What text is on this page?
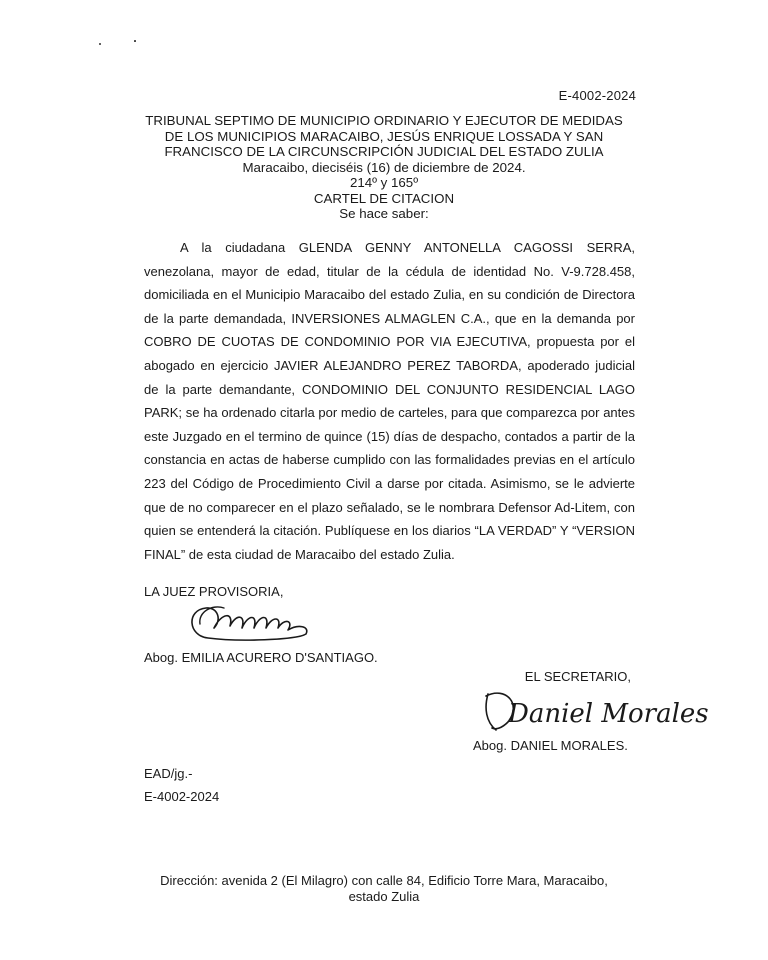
E-4002-2024
TRIBUNAL SEPTIMO DE MUNICIPIO ORDINARIO Y EJECUTOR DE MEDIDAS
DE LOS MUNICIPIOS MARACAIBO, JESÚS ENRIQUE LOSSADA Y SAN
FRANCISCO DE LA CIRCUNSCRIPCIÓN JUDICIAL DEL ESTADO ZULIA
Maracaibo, dieciséis (16) de diciembre de 2024.
214º y 165º
CARTEL DE CITACION
Se hace saber:

A la ciudadana GLENDA GENNY ANTONELLA CAGOSSI SERRA, venezolana, mayor de edad, titular de la cédula de identidad No. V-9.728.458, domiciliada en el Municipio Maracaibo del estado Zulia, en su condición de Directora de la parte demandada, INVERSIONES ALMAGLEN C.A., que en la demanda por COBRO DE CUOTAS DE CONDOMINIO POR VIA EJECUTIVA, propuesta por el abogado en ejercicio JAVIER ALEJANDRO PEREZ TABORDA, apoderado judicial de la parte demandante, CONDOMINIO DEL CONJUNTO RESIDENCIAL LAGO PARK; se ha ordenado citarla por medio de carteles, para que comparezca por antes este Juzgado en el termino de quince (15) días de despacho, contados a partir de la constancia en actas de haberse cumplido con las formalidades previas en el artículo 223 del Código de Procedimiento Civil a darse por citada. Asimismo, se le advierte que de no comparecer en el plazo señalado, se le nombrara Defensor Ad-Litem, con quien se entenderá la citación. Publíquese en los diarios “LA VERDAD” Y “VERSION FINAL” de esta ciudad de Maracaibo del estado Zulia.

LA JUEZ PROVISORIA,
Abog. EMILIA ACURERO D'SANTIAGO.
EL SECRETARIO,
Daniel Morales
Abog. DANIEL MORALES.
EAD/jg.-
E-4002-2024
Dirección: avenida 2 (El Milagro) con calle 84, Edificio Torre Mara, Maracaibo,
estado Zulia
